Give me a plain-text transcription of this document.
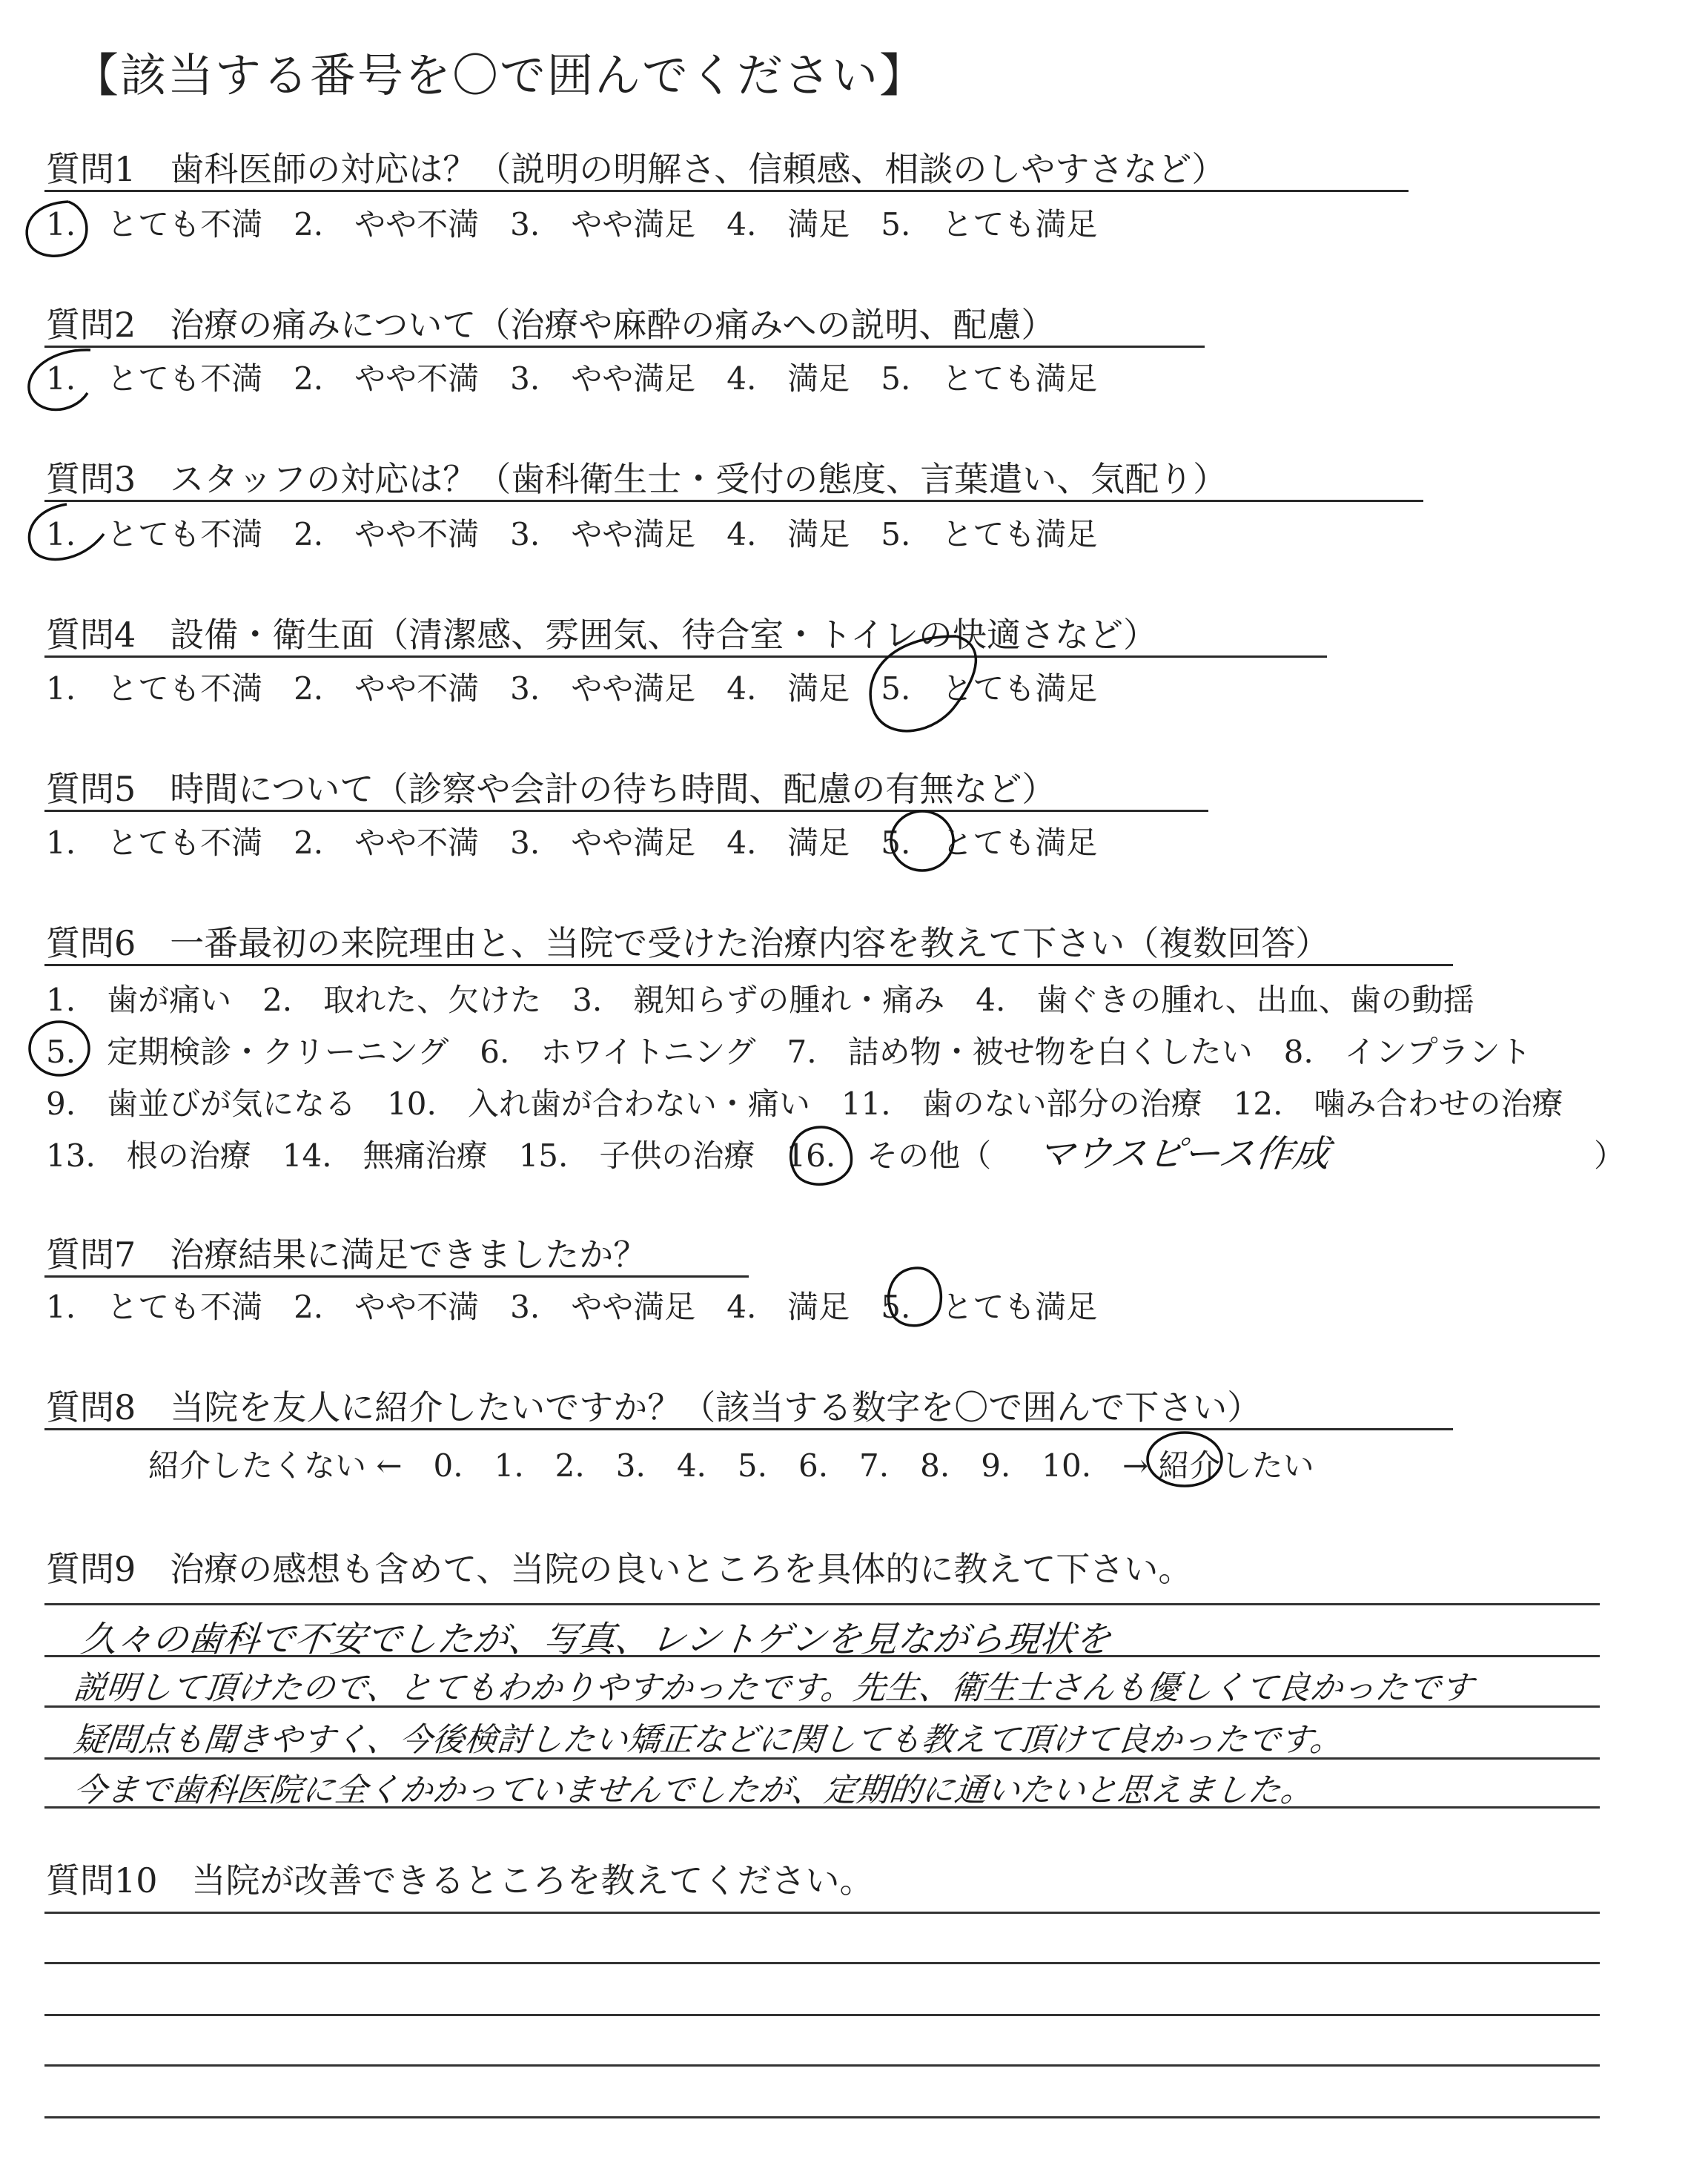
【該当する番号を〇で囲んでください】
質問1　歯科医師の対応は？（説明の明解さ、信頼感、相談のしやすさなど）
1.　とても不満　2.　やや不満　3.　やや満足　4.　満足　5.　とても満足
質問2　治療の痛みについて（治療や麻酔の痛みへの説明、配慮）
1.　とても不満　2.　やや不満　3.　やや満足　4.　満足　5.　とても満足
質問3　スタッフの対応は？（歯科衛生士・受付の態度、言葉遣い、気配り）
1.　とても不満　2.　やや不満　3.　やや満足　4.　満足　5.　とても満足
質問4　設備・衛生面（清潔感、雰囲気、待合室・トイレの快適さなど）
1.　とても不満　2.　やや不満　3.　やや満足　4.　満足　5.　とても満足
質問5　時間について（診察や会計の待ち時間、配慮の有無など）
1.　とても不満　2.　やや不満　3.　やや満足　4.　満足　5.　とても満足
質問6　一番最初の来院理由と、当院で受けた治療内容を教えて下さい（複数回答）
1.　歯が痛い　2.　取れた、欠けた　3.　親知らずの腫れ・痛み　4.　歯ぐきの腫れ、出血、歯の動揺
5.　定期検診・クリーニング　6.　ホワイトニング　7.　詰め物・被せ物を白くしたい　8.　インプラント
9.　歯並びが気になる　10.　入れ歯が合わない・痛い　11.　歯のない部分の治療　12.　噛み合わせの治療
13.　根の治療　14.　無痛治療　15.　子供の治療　16.　その他（ マウスピース作成	）
質問7　治療結果に満足できましたか？
1.　とても不満　2.　やや不満　3.　やや満足　4.　満足　5.　とても満足
質問8　当院を友人に紹介したいですか？（該当する数字を〇で囲んで下さい）
紹介したくない ←　0.　1.　2.　3.　4.　5.　6.　7.　8.　9.　10.　→ 紹介したい
質問9　治療の感想も含めて、当院の良いところを具体的に教えて下さい。
久々の歯科で不安でしたが、写真、レントゲンを見ながら現状を
説明して頂けたので、とてもわかりやすかったです。先生、衛生士さんも優しくて良かったです
疑問点も聞きやすく、今後検討したい矯正などに関しても教えて頂けて良かったです。
今まで歯科医院に全くかかっていませんでしたが、定期的に通いたいと思えました。
質問10　当院が改善できるところを教えてください。
